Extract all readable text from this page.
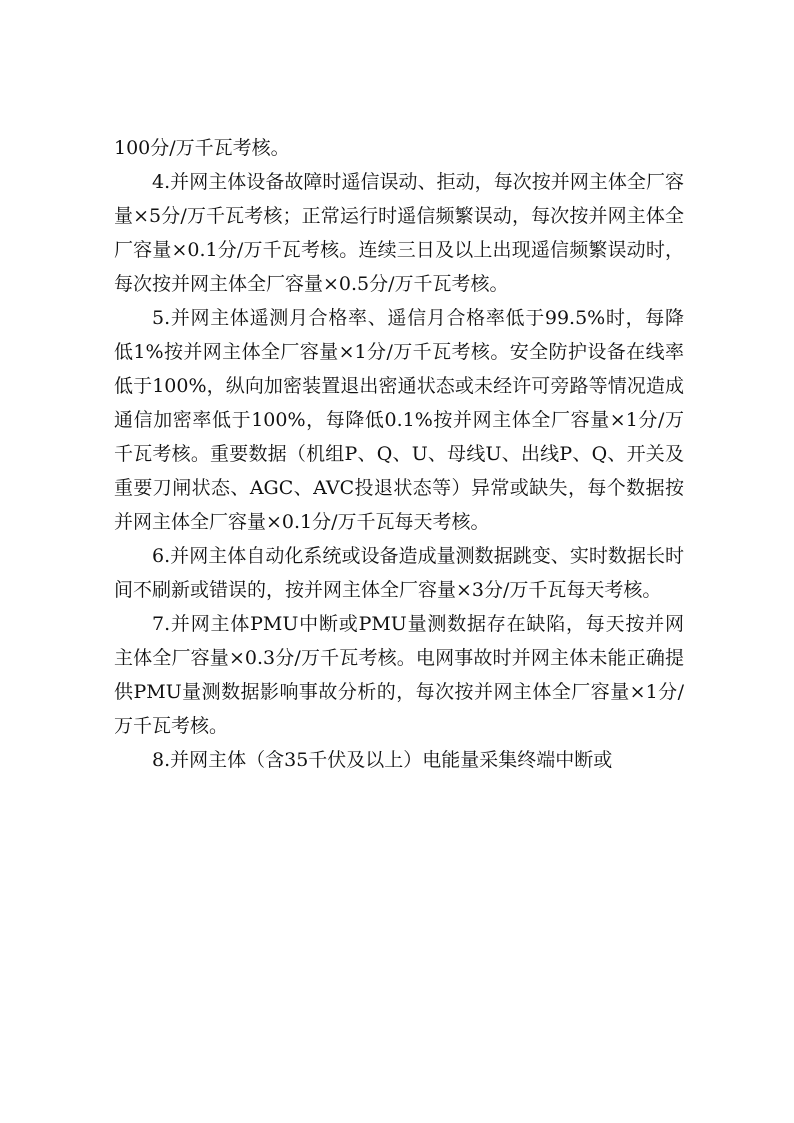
100分/万千瓦考核。

4.并网主体设备故障时遥信误动、拒动，每次按并网主体全厂容量×5分/万千瓦考核；正常运行时遥信频繁误动，每次按并网主体全厂容量×0.1分/万千瓦考核。连续三日及以上出现遥信频繁误动时，每次按并网主体全厂容量×0.5分/万千瓦考核。

5.并网主体遥测月合格率、遥信月合格率低于99.5%时，每降低1%按并网主体全厂容量×1分/万千瓦考核。安全防护设备在线率低于100%，纵向加密装置退出密通状态或未经许可旁路等情况造成通信加密率低于100%，每降低0.1%按并网主体全厂容量×1分/万千瓦考核。重要数据（机组P、Q、U、母线U、出线P、Q、开关及重要刀闸状态、AGC、AVC投退状态等）异常或缺失，每个数据按并网主体全厂容量×0.1分/万千瓦每天考核。

6.并网主体自动化系统或设备造成量测数据跳变、实时数据长时间不刷新或错误的，按并网主体全厂容量×3分/万千瓦每天考核。

7.并网主体PMU中断或PMU量测数据存在缺陷，每天按并网主体全厂容量×0.3分/万千瓦考核。电网事故时并网主体未能正确提供PMU量测数据影响事故分析的，每次按并网主体全厂容量×1分/万千瓦考核。

8.并网主体（含35千伏及以上）电能量采集终端中断或
